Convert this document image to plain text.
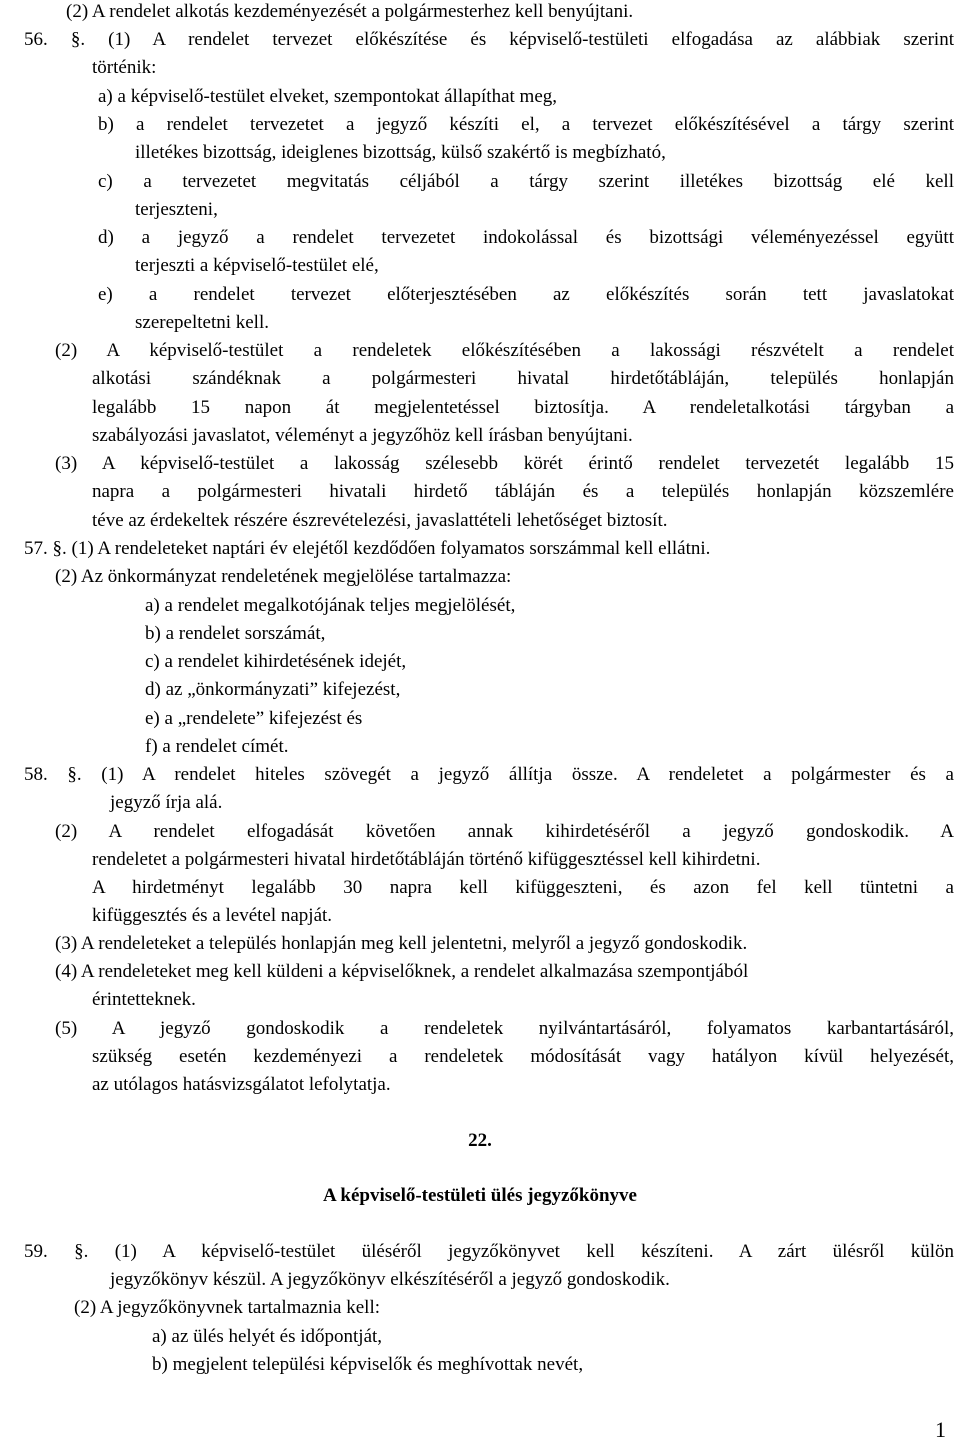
(2) A rendelet alkotás kezdeményezését a polgármesterhez kell benyújtani.

56. §. (1) A rendelet tervezet előkészítése és képviselő-testületi elfogadása az alábbiak szerint

történik:

a) a képviselő-testület elveket, szempontokat állapíthat meg,

b) a rendelet tervezetet a jegyző készíti el, a tervezet előkészítésével a tárgy szerint

illetékes bizottság, ideiglenes bizottság, külső szakértő is megbízható,

c) a tervezetet megvitatás céljából a tárgy szerint illetékes bizottság elé kell

terjeszteni,

d) a jegyző a rendelet tervezetet indokolással és bizottsági véleményezéssel együtt

terjeszti a képviselő-testület elé,

e) a rendelet tervezet előterjesztésében az előkészítés során tett javaslatokat

szerepeltetni kell.

(2) A képviselő-testület a rendeletek előkészítésében a lakossági részvételt a rendelet

alkotási szándéknak a polgármesteri hivatal hirdetőtábláján, település honlapján

legalább 15 napon át megjelentetéssel biztosítja. A rendeletalkotási tárgyban a

szabályozási javaslatot, véleményt a jegyzőhöz kell írásban benyújtani.

(3) A képviselő-testület a lakosság szélesebb körét érintő rendelet tervezetét legalább 15

napra a polgármesteri hivatali hirdető tábláján és a település honlapján közszemlére

téve az érdekeltek részére észrevételezési, javaslattételi lehetőséget biztosít.

57. §. (1) A rendeleteket naptári év elejétől kezdődően folyamatos sorszámmal kell ellátni.

(2) Az önkormányzat rendeletének megjelölése tartalmazza:

a) a rendelet megalkotójának teljes megjelölését,

b) a rendelet sorszámát,

c) a rendelet kihirdetésének idejét,

d) az „önkormányzati” kifejezést,

e) a „rendelete” kifejezést és

f) a rendelet címét.

58. §. (1) A rendelet hiteles szövegét a jegyző állítja össze. A rendeletet a polgármester és a

jegyző írja alá.

(2) A rendelet elfogadását követően annak kihirdetéséről a jegyző gondoskodik. A

rendeletet a polgármesteri hivatal hirdetőtábláján történő kifüggesztéssel kell kihirdetni.

A hirdetményt legalább 30 napra kell kifüggeszteni, és azon fel kell tüntetni a

kifüggesztés és a levétel napját.

(3) A rendeleteket a település honlapján meg kell jelentetni, melyről a jegyző gondoskodik.

(4) A rendeleteket meg kell küldeni a képviselőknek, a rendelet alkalmazása szempontjából

érintetteknek.

(5) A jegyző gondoskodik a rendeletek nyilvántartásáról, folyamatos karbantartásáról,

szükség esetén kezdeményezi a rendeletek módosítását vagy hatályon kívül helyezését,

az utólagos hatásvizsgálatot lefolytatja.

22.

A képviselő-testületi ülés jegyzőkönyve

59. §. (1) A képviselő-testület üléséről jegyzőkönyvet kell készíteni. A zárt ülésről külön

jegyzőkönyv készül. A jegyzőkönyv elkészítéséről a jegyző gondoskodik.

(2) A jegyzőkönyvnek tartalmaznia kell:

a) az ülés helyét és időpontját,

b) megjelent települési képviselők és meghívottak nevét,

1
